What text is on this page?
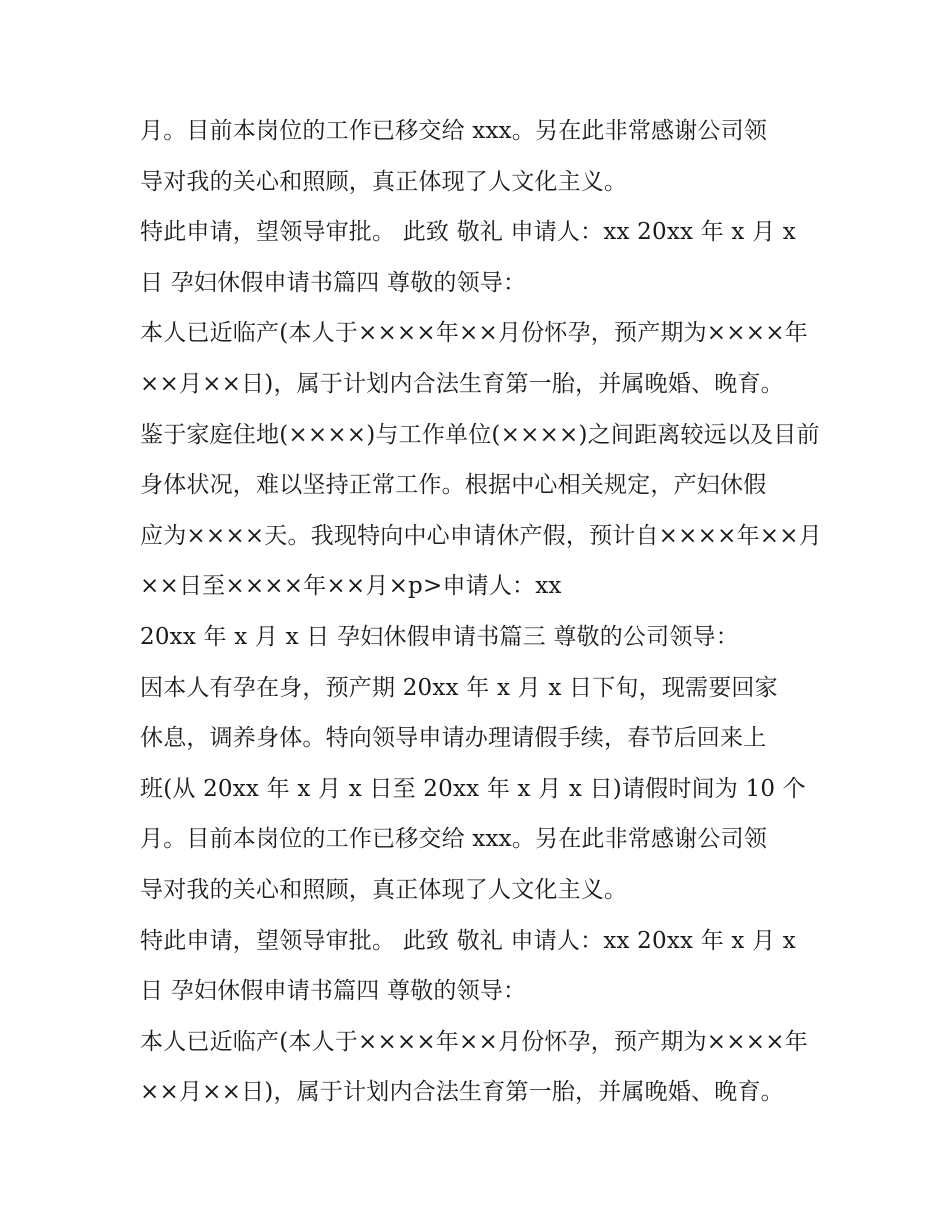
月。目前本岗位的工作已移交给 xxx。另在此非常感谢公司领
导对我的关心和照顾，真正体现了人文化主义。
特此申请，望领导审批。 此致 敬礼 申请人：xx 20xx 年 x 月 x
日 孕妇休假申请书篇四 尊敬的领导：
本人已近临产(本人于××××年××月份怀孕，预产期为××××年
××月××日)，属于计划内合法生育第一胎，并属晚婚、晚育。
鉴于家庭住地(××××)与工作单位(××××)之间距离较远以及目前
身体状况，难以坚持正常工作。根据中心相关规定，产妇休假
应为××××天。我现特向中心申请休产假，预计自××××年××月
××日至××××年××月×p>申请人：xx
20xx 年 x 月 x 日 孕妇休假申请书篇三 尊敬的公司领导：
因本人有孕在身，预产期 20xx 年 x 月 x 日下旬，现需要回家
休息，调养身体。特向领导申请办理请假手续，春节后回来上
班(从 20xx 年 x 月 x 日至 20xx 年 x 月 x 日)请假时间为 10 个
月。目前本岗位的工作已移交给 xxx。另在此非常感谢公司领
导对我的关心和照顾，真正体现了人文化主义。
特此申请，望领导审批。 此致 敬礼 申请人：xx 20xx 年 x 月 x
日 孕妇休假申请书篇四 尊敬的领导：
本人已近临产(本人于××××年××月份怀孕，预产期为××××年
××月××日)，属于计划内合法生育第一胎，并属晚婚、晚育。
